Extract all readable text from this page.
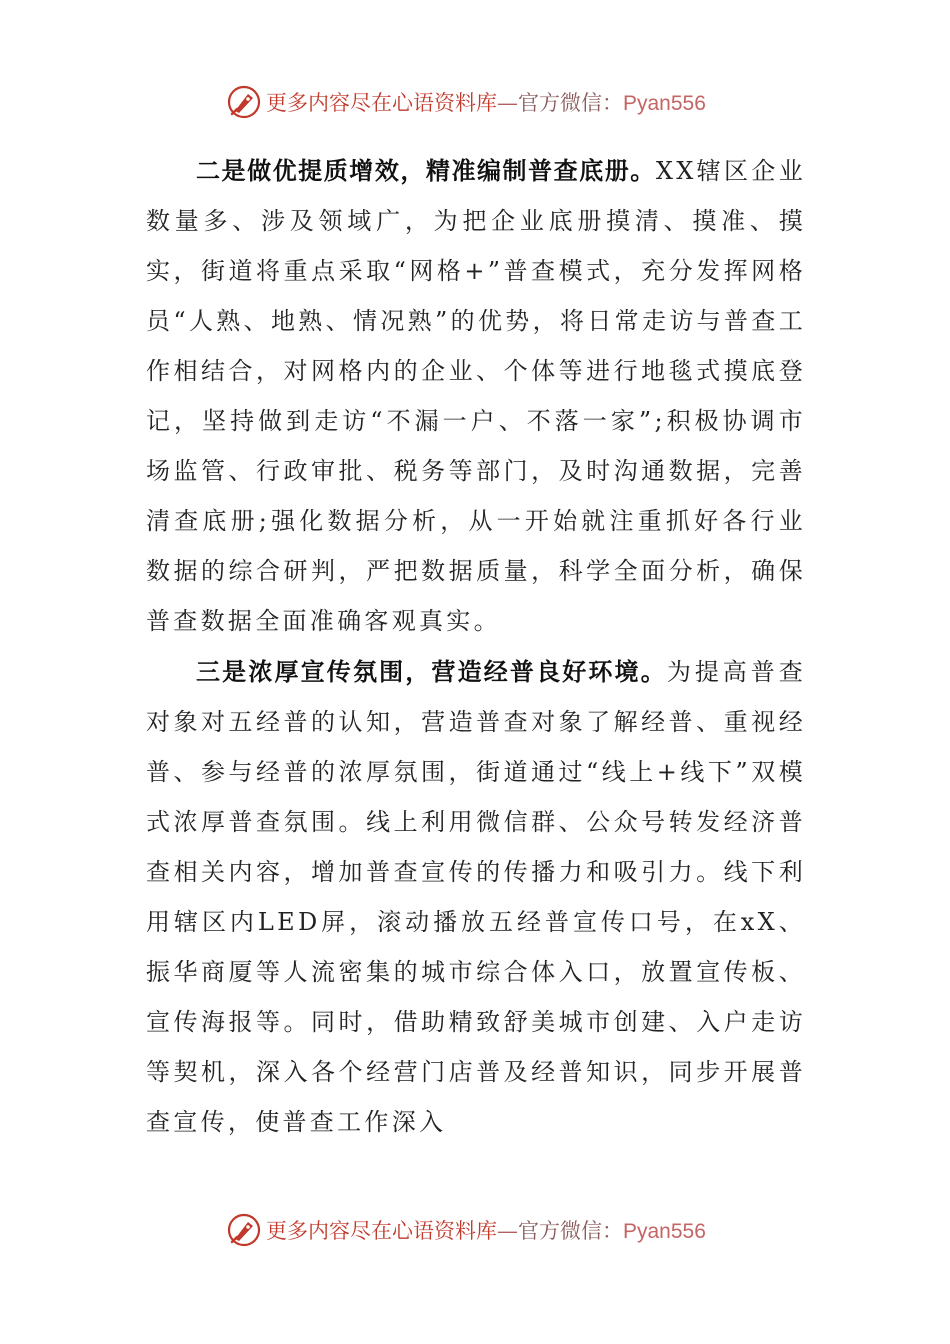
更多内容尽在心语资料库—官方微信：Pyan556

二是做优提质增效，精准编制普查底册。XX辖区企业数量多、涉及领域广，为把企业底册摸清、摸准、摸实，街道将重点采取“网格+”普查模式，充分发挥网格员“人熟、地熟、情况熟”的优势，将日常走访与普查工作相结合，对网格内的企业、个体等进行地毯式摸底登记，坚持做到走访“不漏一户、不落一家”;积极协调市场监管、行政审批、税务等部门，及时沟通数据，完善清查底册;强化数据分析，从一开始就注重抓好各行业数据的综合研判，严把数据质量，科学全面分析，确保普查数据全面准确客观真实。

三是浓厚宣传氛围，营造经普良好环境。为提高普查对象对五经普的认知，营造普查对象了解经普、重视经普、参与经普的浓厚氛围，街道通过“线上+线下”双模式浓厚普查氛围。线上利用微信群、公众号转发经济普查相关内容，增加普查宣传的传播力和吸引力。线下利用辖区内LED屏，滚动播放五经普宣传口号，在xX、振华商厦等人流密集的城市综合体入口，放置宣传板、宣传海报等。同时，借助精致舒美城市创建、入户走访等契机，深入各个经营门店普及经普知识，同步开展普查宣传，使普查工作深入

更多内容尽在心语资料库—官方微信：Pyan556
